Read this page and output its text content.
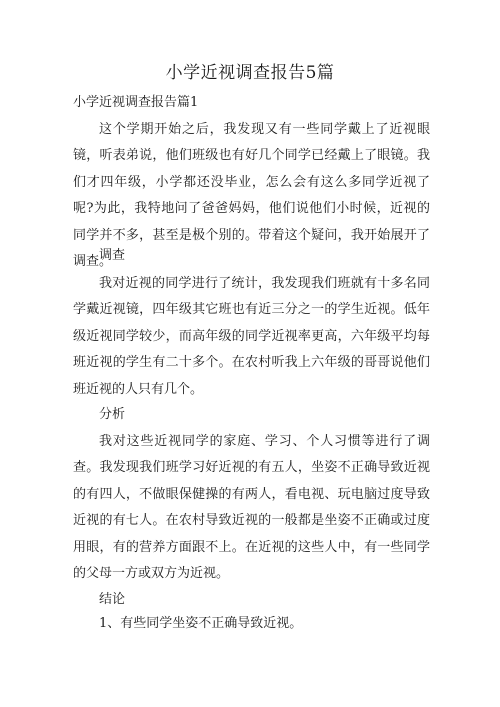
小学近视调查报告5篇
小学近视调查报告篇1

这个学期开始之后，我发现又有一些同学戴上了近视眼镜，听表弟说，他们班级也有好几个同学已经戴上了眼镜。我们才四年级，小学都还没毕业，怎么会有这么多同学近视了呢?为此，我特地问了爸爸妈妈，他们说他们小时候，近视的同学并不多，甚至是极个别的。带着这个疑问，我开始展开了调查。

调查

我对近视的同学进行了统计，我发现我们班就有十多名同学戴近视镜，四年级其它班也有近三分之一的学生近视。低年级近视同学较少，而高年级的同学近视率更高，六年级平均每班近视的学生有二十多个。在农村听我上六年级的哥哥说他们班近视的人只有几个。

分析

我对这些近视同学的家庭、学习、个人习惯等进行了调查。我发现我们班学习好近视的有五人，坐姿不正确导致近视的有四人，不做眼保健操的有两人，看电视、玩电脑过度导致近视的有七人。在农村导致近视的一般都是坐姿不正确或过度用眼，有的营养方面跟不上。在近视的这些人中，有一些同学的父母一方或双方为近视。

结论
1、有些同学坐姿不正确导致近视。
